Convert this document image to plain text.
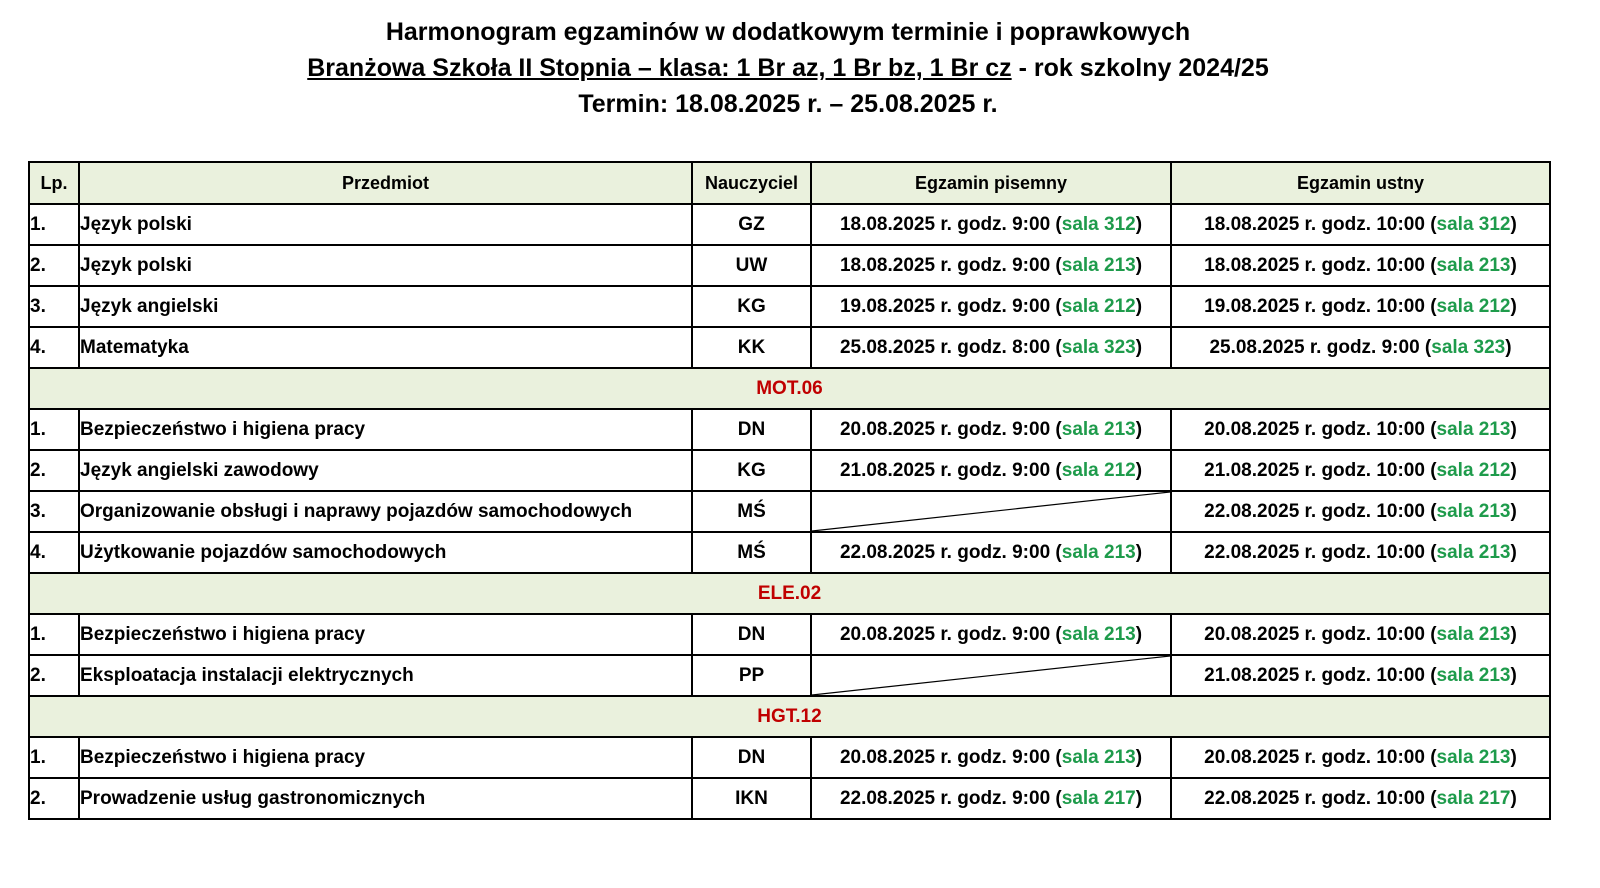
Harmonogram egzaminów w dodatkowym terminie i poprawkowych
Branżowa Szkoła II Stopnia – klasa: 1 Br az, 1 Br bz, 1 Br cz - rok szkolny 2024/25
Termin: 18.08.2025 r. – 25.08.2025 r.
Lp.	Przedmiot	Nauczyciel	Egzamin pisemny	Egzamin ustny
1.	Język polski	GZ	18.08.2025 r. godz. 9:00 (sala 312)	18.08.2025 r. godz. 10:00 (sala 312)
2.	Język polski	UW	18.08.2025 r. godz. 9:00 (sala 213)	18.08.2025 r. godz. 10:00 (sala 213)
3.	Język angielski	KG	19.08.2025 r. godz. 9:00 (sala 212)	19.08.2025 r. godz. 10:00 (sala 212)
4.	Matematyka	KK	25.08.2025 r. godz. 8:00 (sala 323)	25.08.2025 r. godz. 9:00 (sala 323)
MOT.06				
1.	Bezpieczeństwo i higiena pracy	DN	20.08.2025 r. godz. 9:00 (sala 213)	20.08.2025 r. godz. 10:00 (sala 213)
2.	Język angielski zawodowy	KG	21.08.2025 r. godz. 9:00 (sala 212)	21.08.2025 r. godz. 10:00 (sala 212)
3.	Organizowanie obsługi i naprawy pojazdów samochodowych	MŚ		22.08.2025 r. godz. 10:00 (sala 213)
4.	Użytkowanie pojazdów samochodowych	MŚ	22.08.2025 r. godz. 9:00 (sala 213)	22.08.2025 r. godz. 10:00 (sala 213)
ELE.02				
1.	Bezpieczeństwo i higiena pracy	DN	20.08.2025 r. godz. 9:00 (sala 213)	20.08.2025 r. godz. 10:00 (sala 213)
2.	Eksploatacja instalacji elektrycznych	PP		21.08.2025 r. godz. 10:00 (sala 213)
HGT.12				
1.	Bezpieczeństwo i higiena pracy	DN	20.08.2025 r. godz. 9:00 (sala 213)	20.08.2025 r. godz. 10:00 (sala 213)
2.	Prowadzenie usług gastronomicznych	IKN	22.08.2025 r. godz. 9:00 (sala 217)	22.08.2025 r. godz. 10:00 (sala 217)
